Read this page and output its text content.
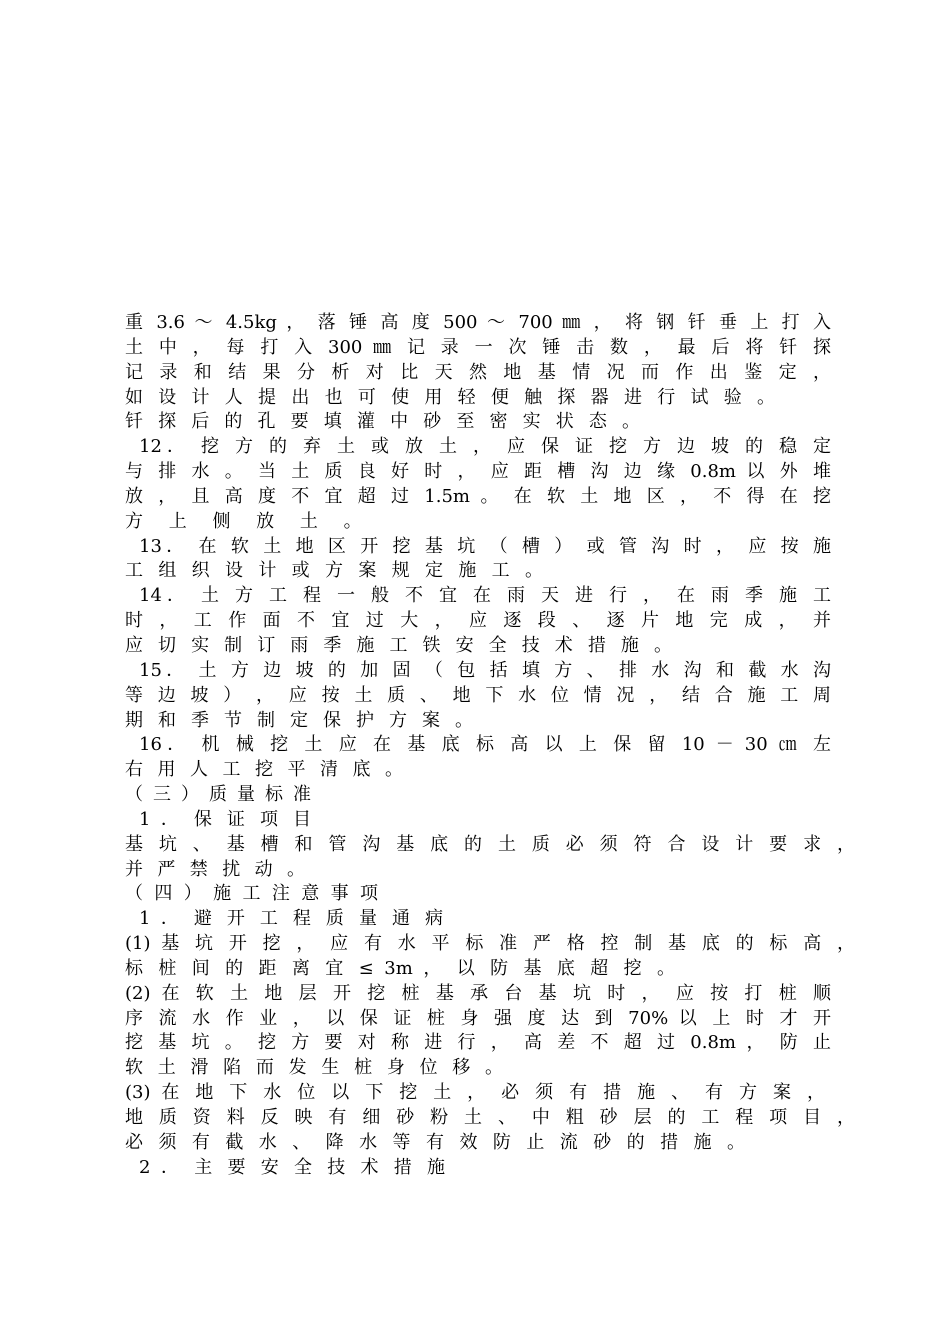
重 3.6 ～ 4.5kg ， 落 锤 高 度 500 ～ 700 ㎜ ， 将 钢 钎 垂 上 打 入
土 中 ， 每 打 入 300 ㎜ 记 录 一 次 锤 击 数 ， 最 后 将 钎 探
记 录 和 结 果 分 析 对 比 天 然 地 基 情 况 而 作 出 鉴 定 ，
如 设 计 人 提 出 也 可 使 用 轻 便 触 探 器 进 行 试 验 。
钎 探 后 的 孔 要 填 灌 中 砂 至 密 实 状 态 。
12． 挖 方 的 弃 土 或 放 土 ， 应 保 证 挖 方 边 坡 的 稳 定
与 排 水 。 当 土 质 良 好 时 ， 应 距 槽 沟 边 缘 0.8m 以 外 堆
放 ， 且 高 度 不 宜 超 过 1.5m 。 在 软 土 地 区 ， 不 得 在 挖
方 上 侧 放 土 。
13． 在 软 土 地 区 开 挖 基 坑 （ 槽 ） 或 管 沟 时 ， 应 按 施
工 组 织 设 计 或 方 案 规 定 施 工 。
14． 土 方 工 程 一 般 不 宜 在 雨 天 进 行 ， 在 雨 季 施 工
时 ， 工 作 面 不 宜 过 大 ， 应 逐 段 、 逐 片 地 完 成 ， 并
应 切 实 制 订 雨 季 施 工 铁 安 全 技 术 措 施 。
15． 土 方 边 坡 的 加 固 （ 包 括 填 方 、 排 水 沟 和 截 水 沟
等 边 坡 ） ， 应 按 土 质 、 地 下 水 位 情 况 ， 结 合 施 工 周
期 和 季 节 制 定 保 护 方 案 。
16． 机 械 挖 土 应 在 基 底 标 高 以 上 保 留 10 － 30 ㎝ 左
右 用 人 工 挖 平 清 底 。
（ 三 ） 质 量 标 准
1 ． 保 证 项 目
基 坑 、 基 槽 和 管 沟 基 底 的 土 质 必 须 符 合 设 计 要 求 ，
并 严 禁 扰 动 。
（ 四 ） 施 工 注 意 事 项
1 ． 避 开 工 程 质 量 通 病
(1) 基 坑 开 挖 ， 应 有 水 平 标 准 严 格 控 制 基 底 的 标 高 ，
标 桩 间 的 距 离 宜 ≤ 3m ， 以 防 基 底 超 挖 。
(2) 在 软 土 地 层 开 挖 桩 基 承 台 基 坑 时 ， 应 按 打 桩 顺
序 流 水 作 业 ， 以 保 证 桩 身 强 度 达 到 70% 以 上 时 才 开
挖 基 坑 。 挖 方 要 对 称 进 行 ， 高 差 不 超 过 0.8m ， 防 止
软 土 滑 陷 而 发 生 桩 身 位 移 。
(3) 在 地 下 水 位 以 下 挖 土 ， 必 须 有 措 施 、 有 方 案 ，
地 质 资 料 反 映 有 细 砂 粉 土 、 中 粗 砂 层 的 工 程 项 目 ，
必 须 有 截 水 、 降 水 等 有 效 防 止 流 砂 的 措 施 。
2 ． 主 要 安 全 技 术 措 施
